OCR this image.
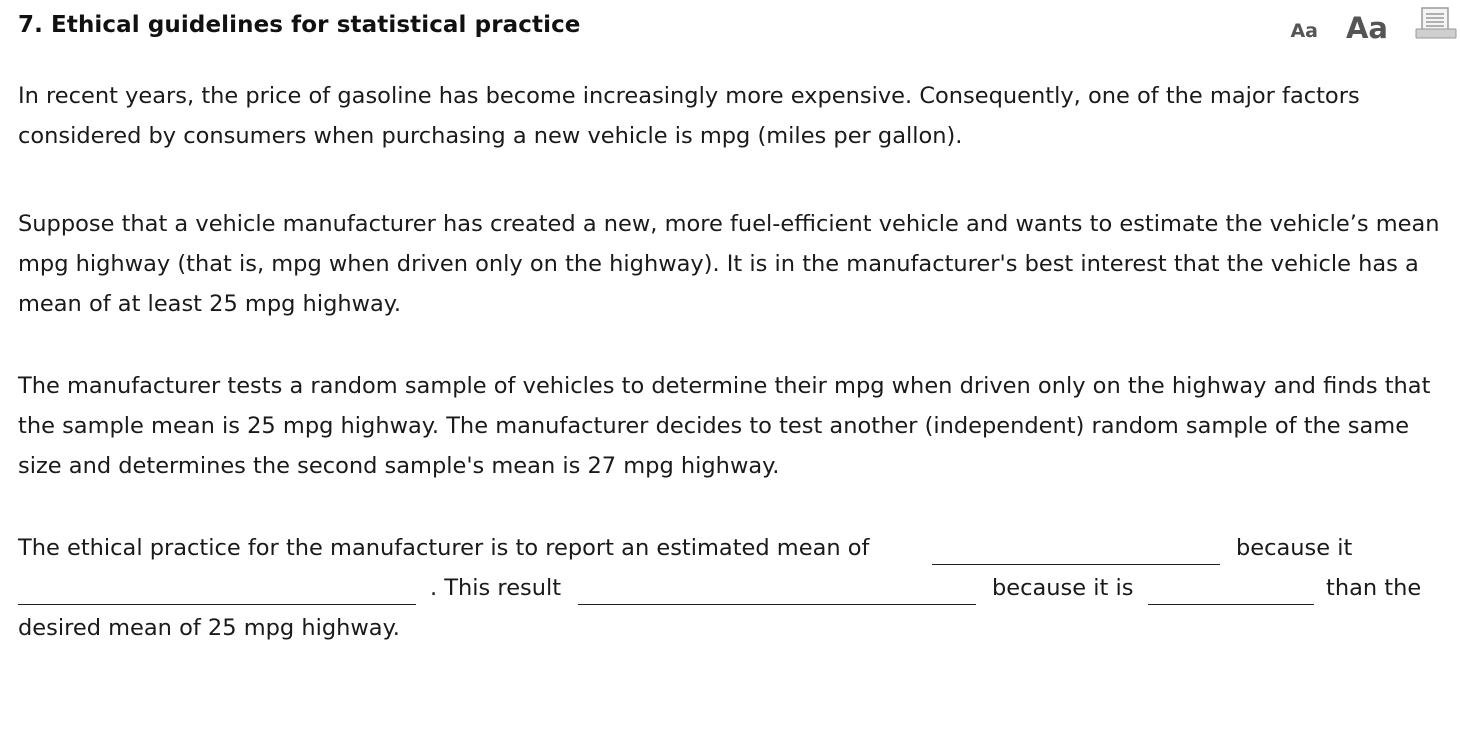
7. Ethical guidelines for statistical practice	Aa Aa

In recent years, the price of gasoline has become increasingly more expensive. Consequently, one of the major factors considered by consumers when purchasing a new vehicle is mpg (miles per gallon).

Suppose that a vehicle manufacturer has created a new, more fuel-efficient vehicle and wants to estimate the vehicle’s mean mpg highway (that is, mpg when driven only on the highway). It is in the manufacturer's best interest that the vehicle has a mean of at least 25 mpg highway.

The manufacturer tests a random sample of vehicles to determine their mpg when driven only on the highway and finds that the sample mean is 25 mpg highway. The manufacturer decides to test another (independent) random sample of the same size and determines the second sample's mean is 27 mpg highway.

The ethical practice for the manufacturer is to report an estimated mean of	because it
. This result	because it is	than the
desired mean of 25 mpg highway.
